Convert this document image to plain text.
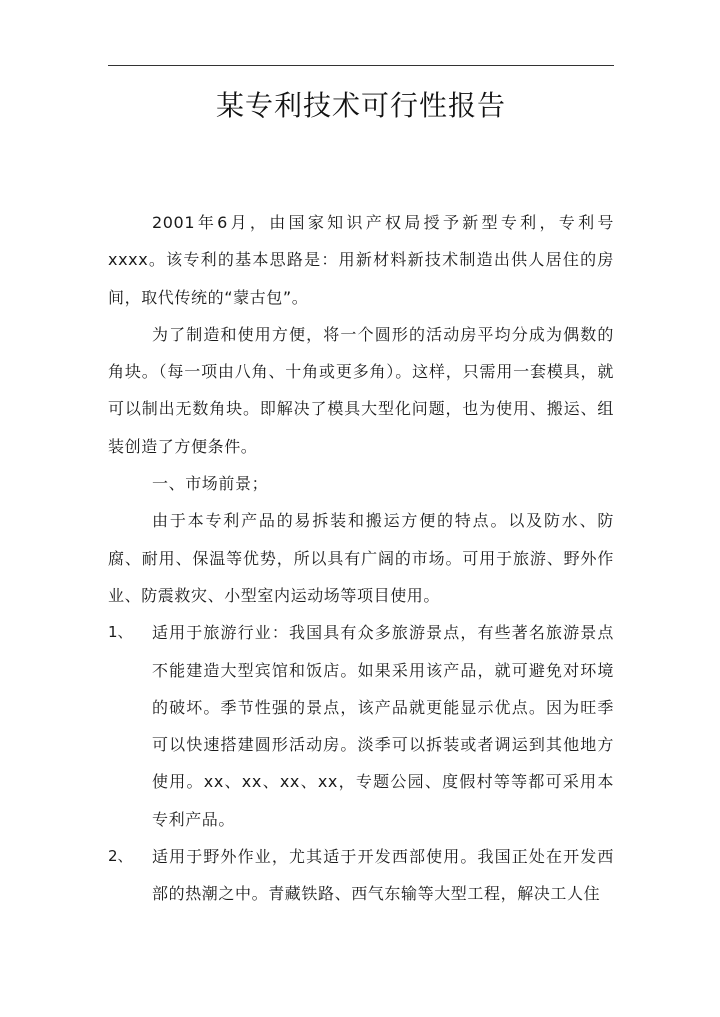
某专利技术可行性报告

2001年6月，由国家知识产权局授予新型专利，专利号 xxxx。该专利的基本思路是：用新材料新技术制造出供人居住的房间，取代传统的“蒙古包”。

为了制造和使用方便，将一个圆形的活动房平均分成为偶数的角块。（每一项由八角、十角或更多角）。这样，只需用一套模具，就可以制出无数角块。即解决了模具大型化问题，也为使用、搬运、组装创造了方便条件。

一、市场前景；

由于本专利产品的易拆装和搬运方便的特点。以及防水、防腐、耐用、保温等优势，所以具有广阔的市场。可用于旅游、野外作业、防震救灾、小型室内运动场等项目使用。

1、	适用于旅游行业：我国具有众多旅游景点，有些著名旅游景点不能建造大型宾馆和饭店。如果采用该产品，就可避免对环境的破坏。季节性强的景点，该产品就更能显示优点。因为旺季可以快速搭建圆形活动房。淡季可以拆装或者调运到其他地方使用。xx、xx、xx、xx，专题公园、度假村等等都可采用本专利产品。
2、	适用于野外作业，尤其适于开发西部使用。我国正处在开发西部的热潮之中。青藏铁路、西气东输等大型工程，解决工人住
